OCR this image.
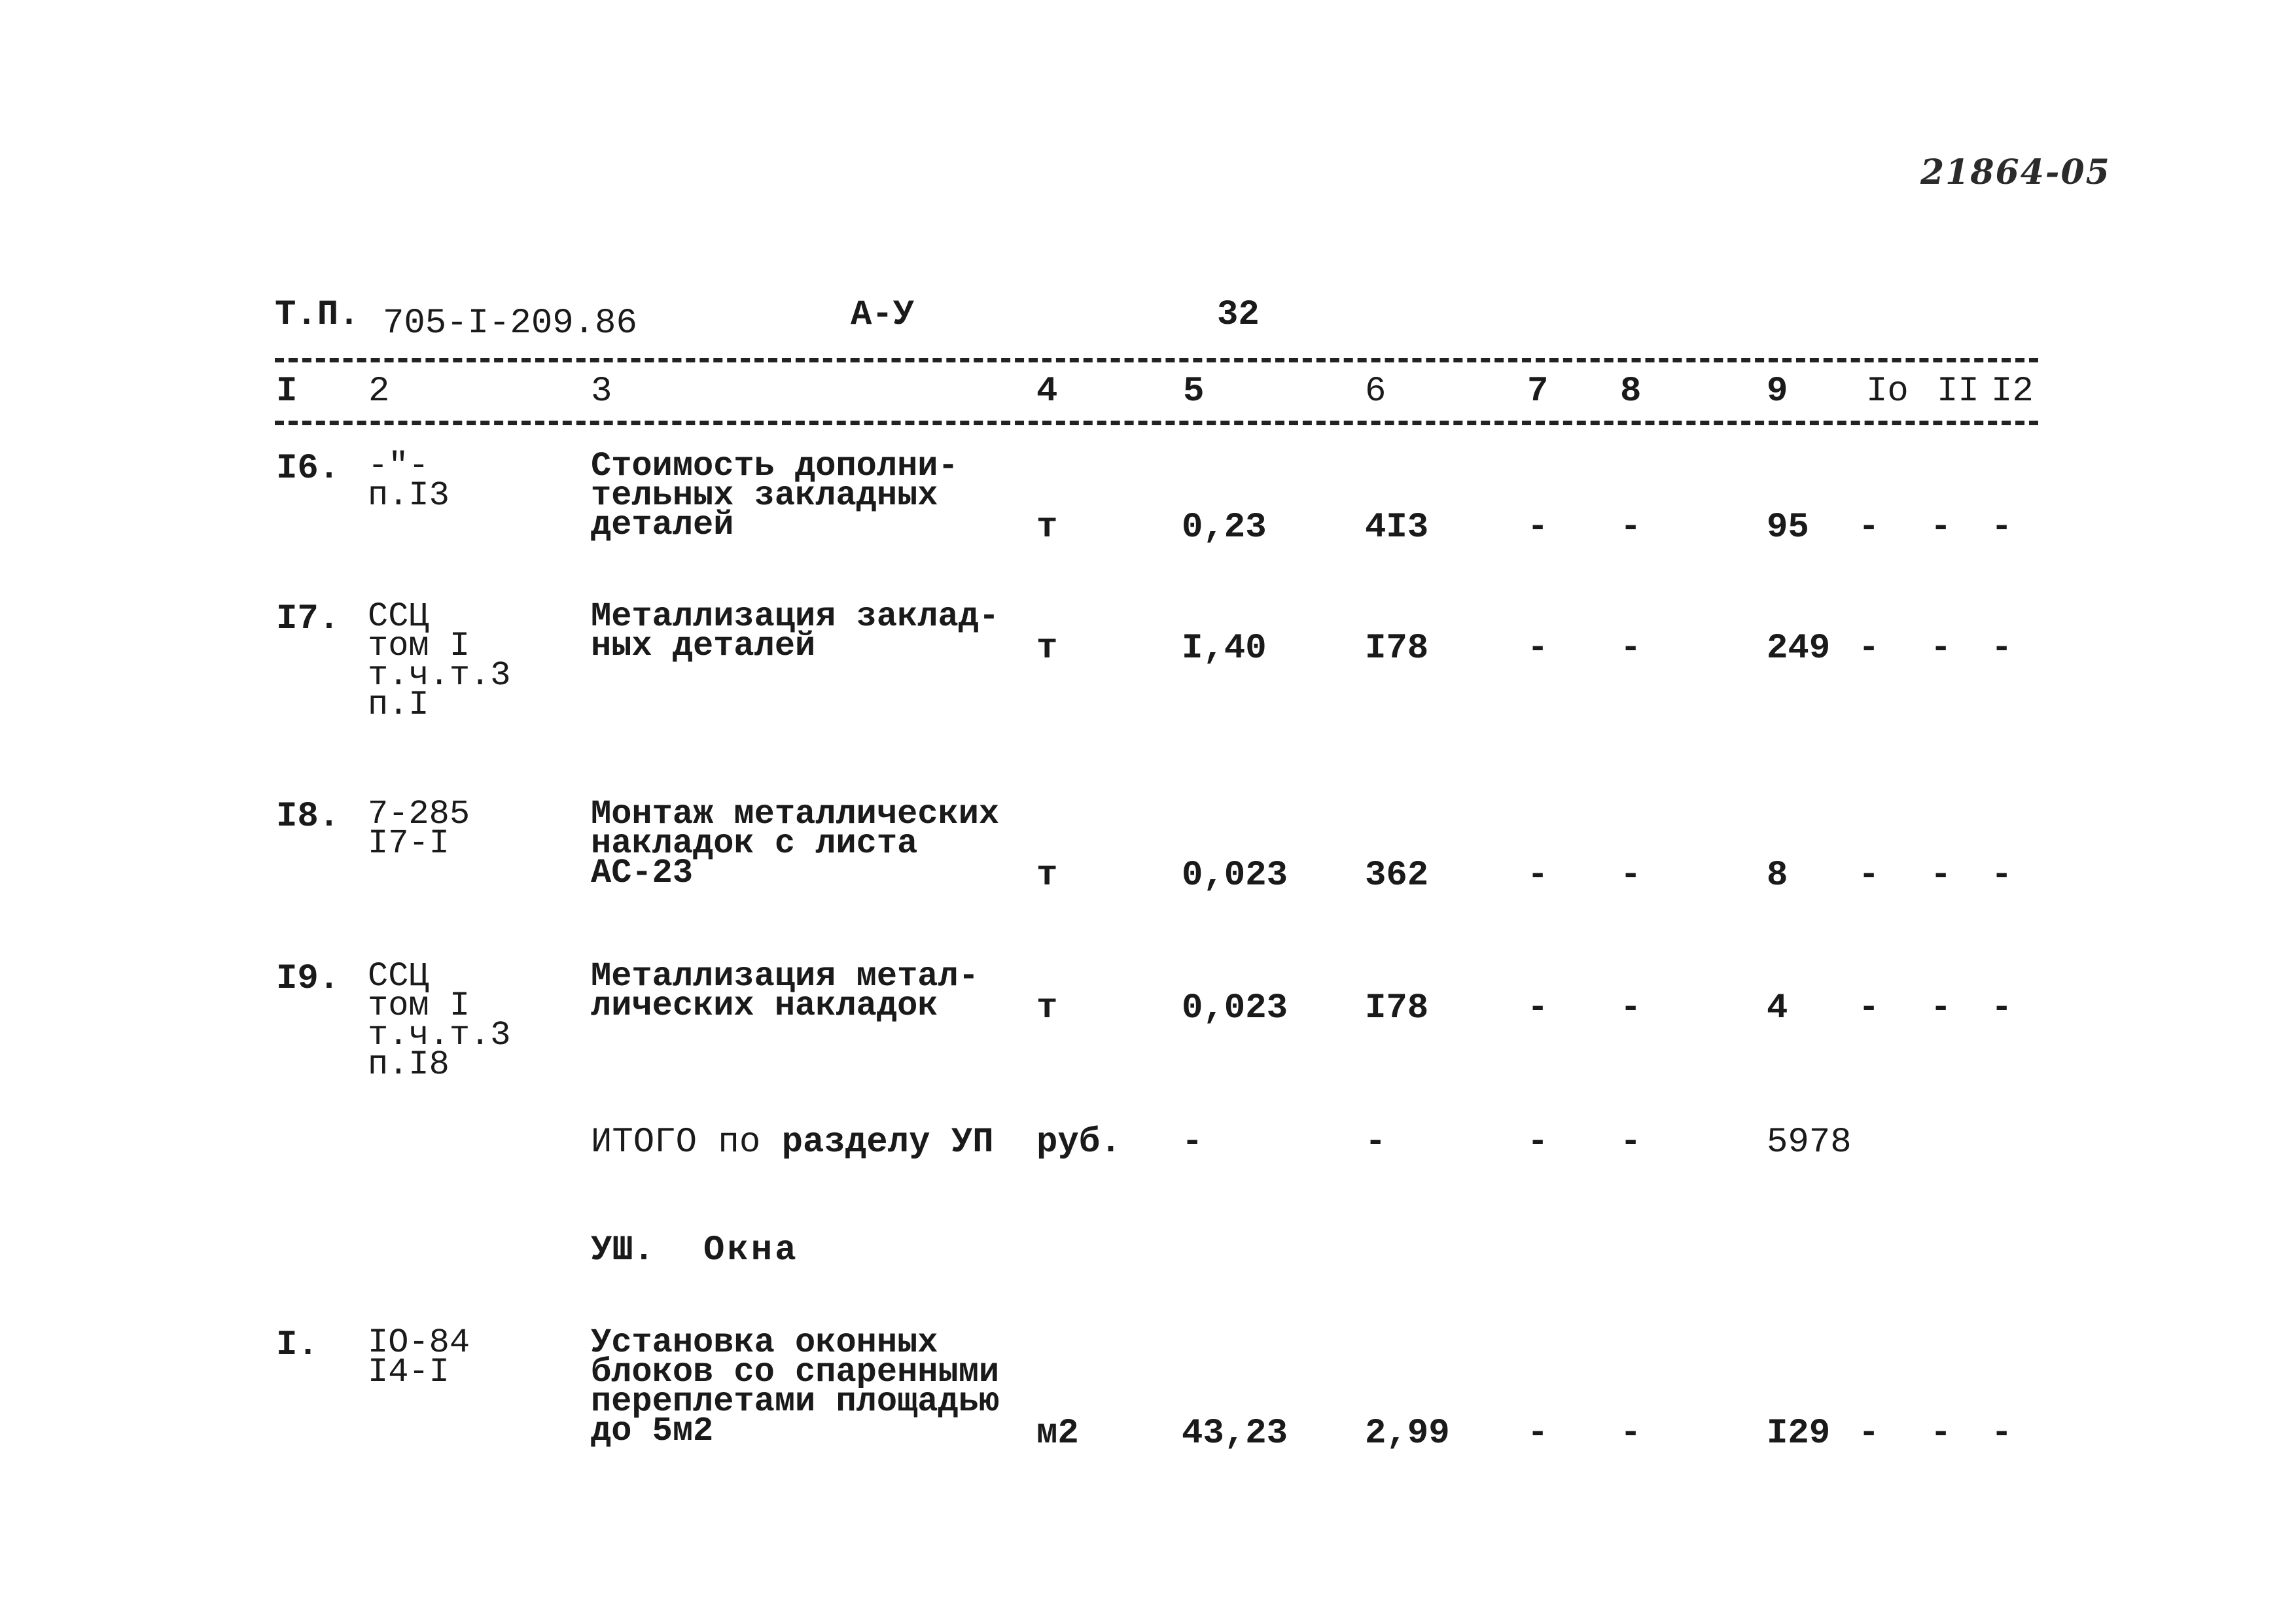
21864-05
Т.П. 705-I-209.86	А-У	32
I 2	3	4	5	6	7 8	9 Iо II I2
I6. -"-
п.I3
Стоимость дополни-
тельных закладных
деталей	т	0,23	4I3	- -	95 - - -
I7. ССЦ
том I
т.ч.т.3
п.I
Металлизация заклад-
ных деталей	т	I,40	I78	- -	249 - - -
I8. 7-285
I7-I
Монтаж металлических
накладок с листа
АС-23	т	0,023 362	- -	8 - - -
I9. ССЦ
том I
т.ч.т.3
п.I8
Металлизация метал-
лических накладок	т	0,023 I78	- -	4 - - -
ИТОГО по разделу УП руб. -	-	- -	5978
УШ. Окна
I. IО-84
I4-I
Установка оконных
блоков со спаренными
переплетами площадью
до 5м2	м2	43,23 2,99 - -	I29 - - -
